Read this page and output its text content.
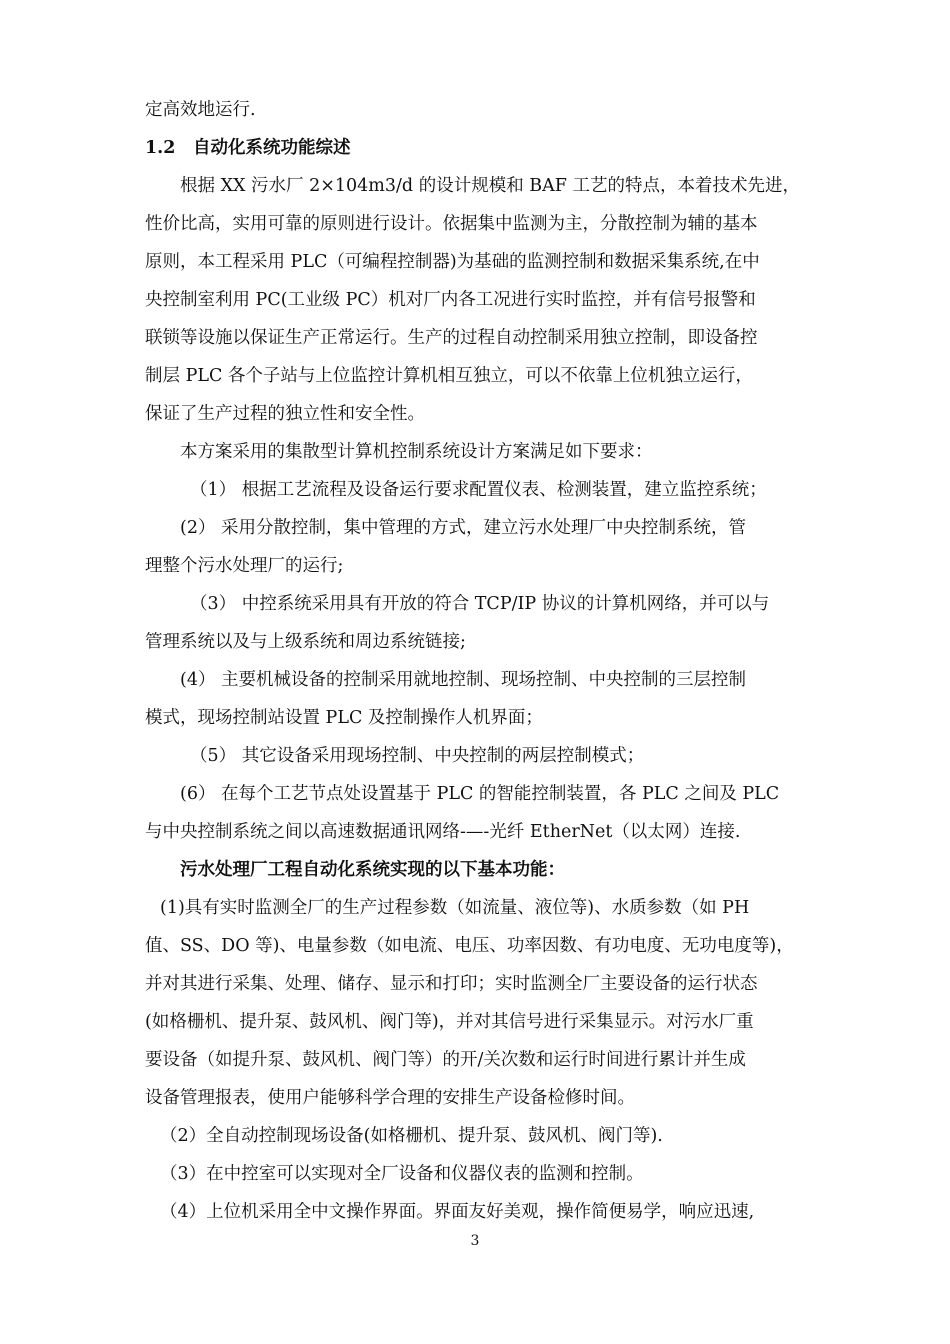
定高效地运行.
1.2　自动化系统功能综述
根据 XX 污水厂 2×104m3/d 的设计规模和 BAF 工艺的特点，本着技术先进，
性价比高，实用可靠的原则进行设计。依据集中监测为主，分散控制为辅的基本
原则，本工程采用 PLC（可编程控制器)为基础的监测控制和数据采集系统,在中
央控制室利用 PC(工业级 PC）机对厂内各工况进行实时监控，并有信号报警和
联锁等设施以保证生产正常运行。生产的过程自动控制采用独立控制，即设备控
制层 PLC 各个子站与上位监控计算机相互独立，可以不依靠上位机独立运行，
保证了生产过程的独立性和安全性。
本方案采用的集散型计算机控制系统设计方案满足如下要求：
（1） 根据工艺流程及设备运行要求配置仪表、检测装置，建立监控系统；
(2） 采用分散控制，集中管理的方式，建立污水处理厂中央控制系统，管
理整个污水处理厂的运行;
（3） 中控系统采用具有开放的符合 TCP/IP 协议的计算机网络，并可以与
管理系统以及与上级系统和周边系统链接;
(4） 主要机械设备的控制采用就地控制、现场控制、中央控制的三层控制
模式，现场控制站设置 PLC 及控制操作人机界面；
（5） 其它设备采用现场控制、中央控制的两层控制模式；
(6） 在每个工艺节点处设置基于 PLC 的智能控制装置，各 PLC 之间及 PLC
与中央控制系统之间以高速数据通讯网络-—-光纤 EtherNet（以太网）连接.
污水处理厂工程自动化系统实现的以下基本功能：
(1)具有实时监测全厂的生产过程参数（如流量、液位等)、水质参数（如 PH
值、SS、DO 等)、电量参数（如电流、电压、功率因数、有功电度、无功电度等)，
并对其进行采集、处理、储存、显示和打印；实时监测全厂主要设备的运行状态
(如格栅机、提升泵、鼓风机、阀门等)，并对其信号进行采集显示。对污水厂重
要设备（如提升泵、鼓风机、阀门等）的开/关次数和运行时间进行累计并生成
设备管理报表，使用户能够科学合理的安排生产设备检修时间。
（2）全自动控制现场设备(如格栅机、提升泵、鼓风机、阀门等).
（3）在中控室可以实现对全厂设备和仪器仪表的监测和控制。
（4）上位机采用全中文操作界面。界面友好美观，操作简便易学，响应迅速,
3
